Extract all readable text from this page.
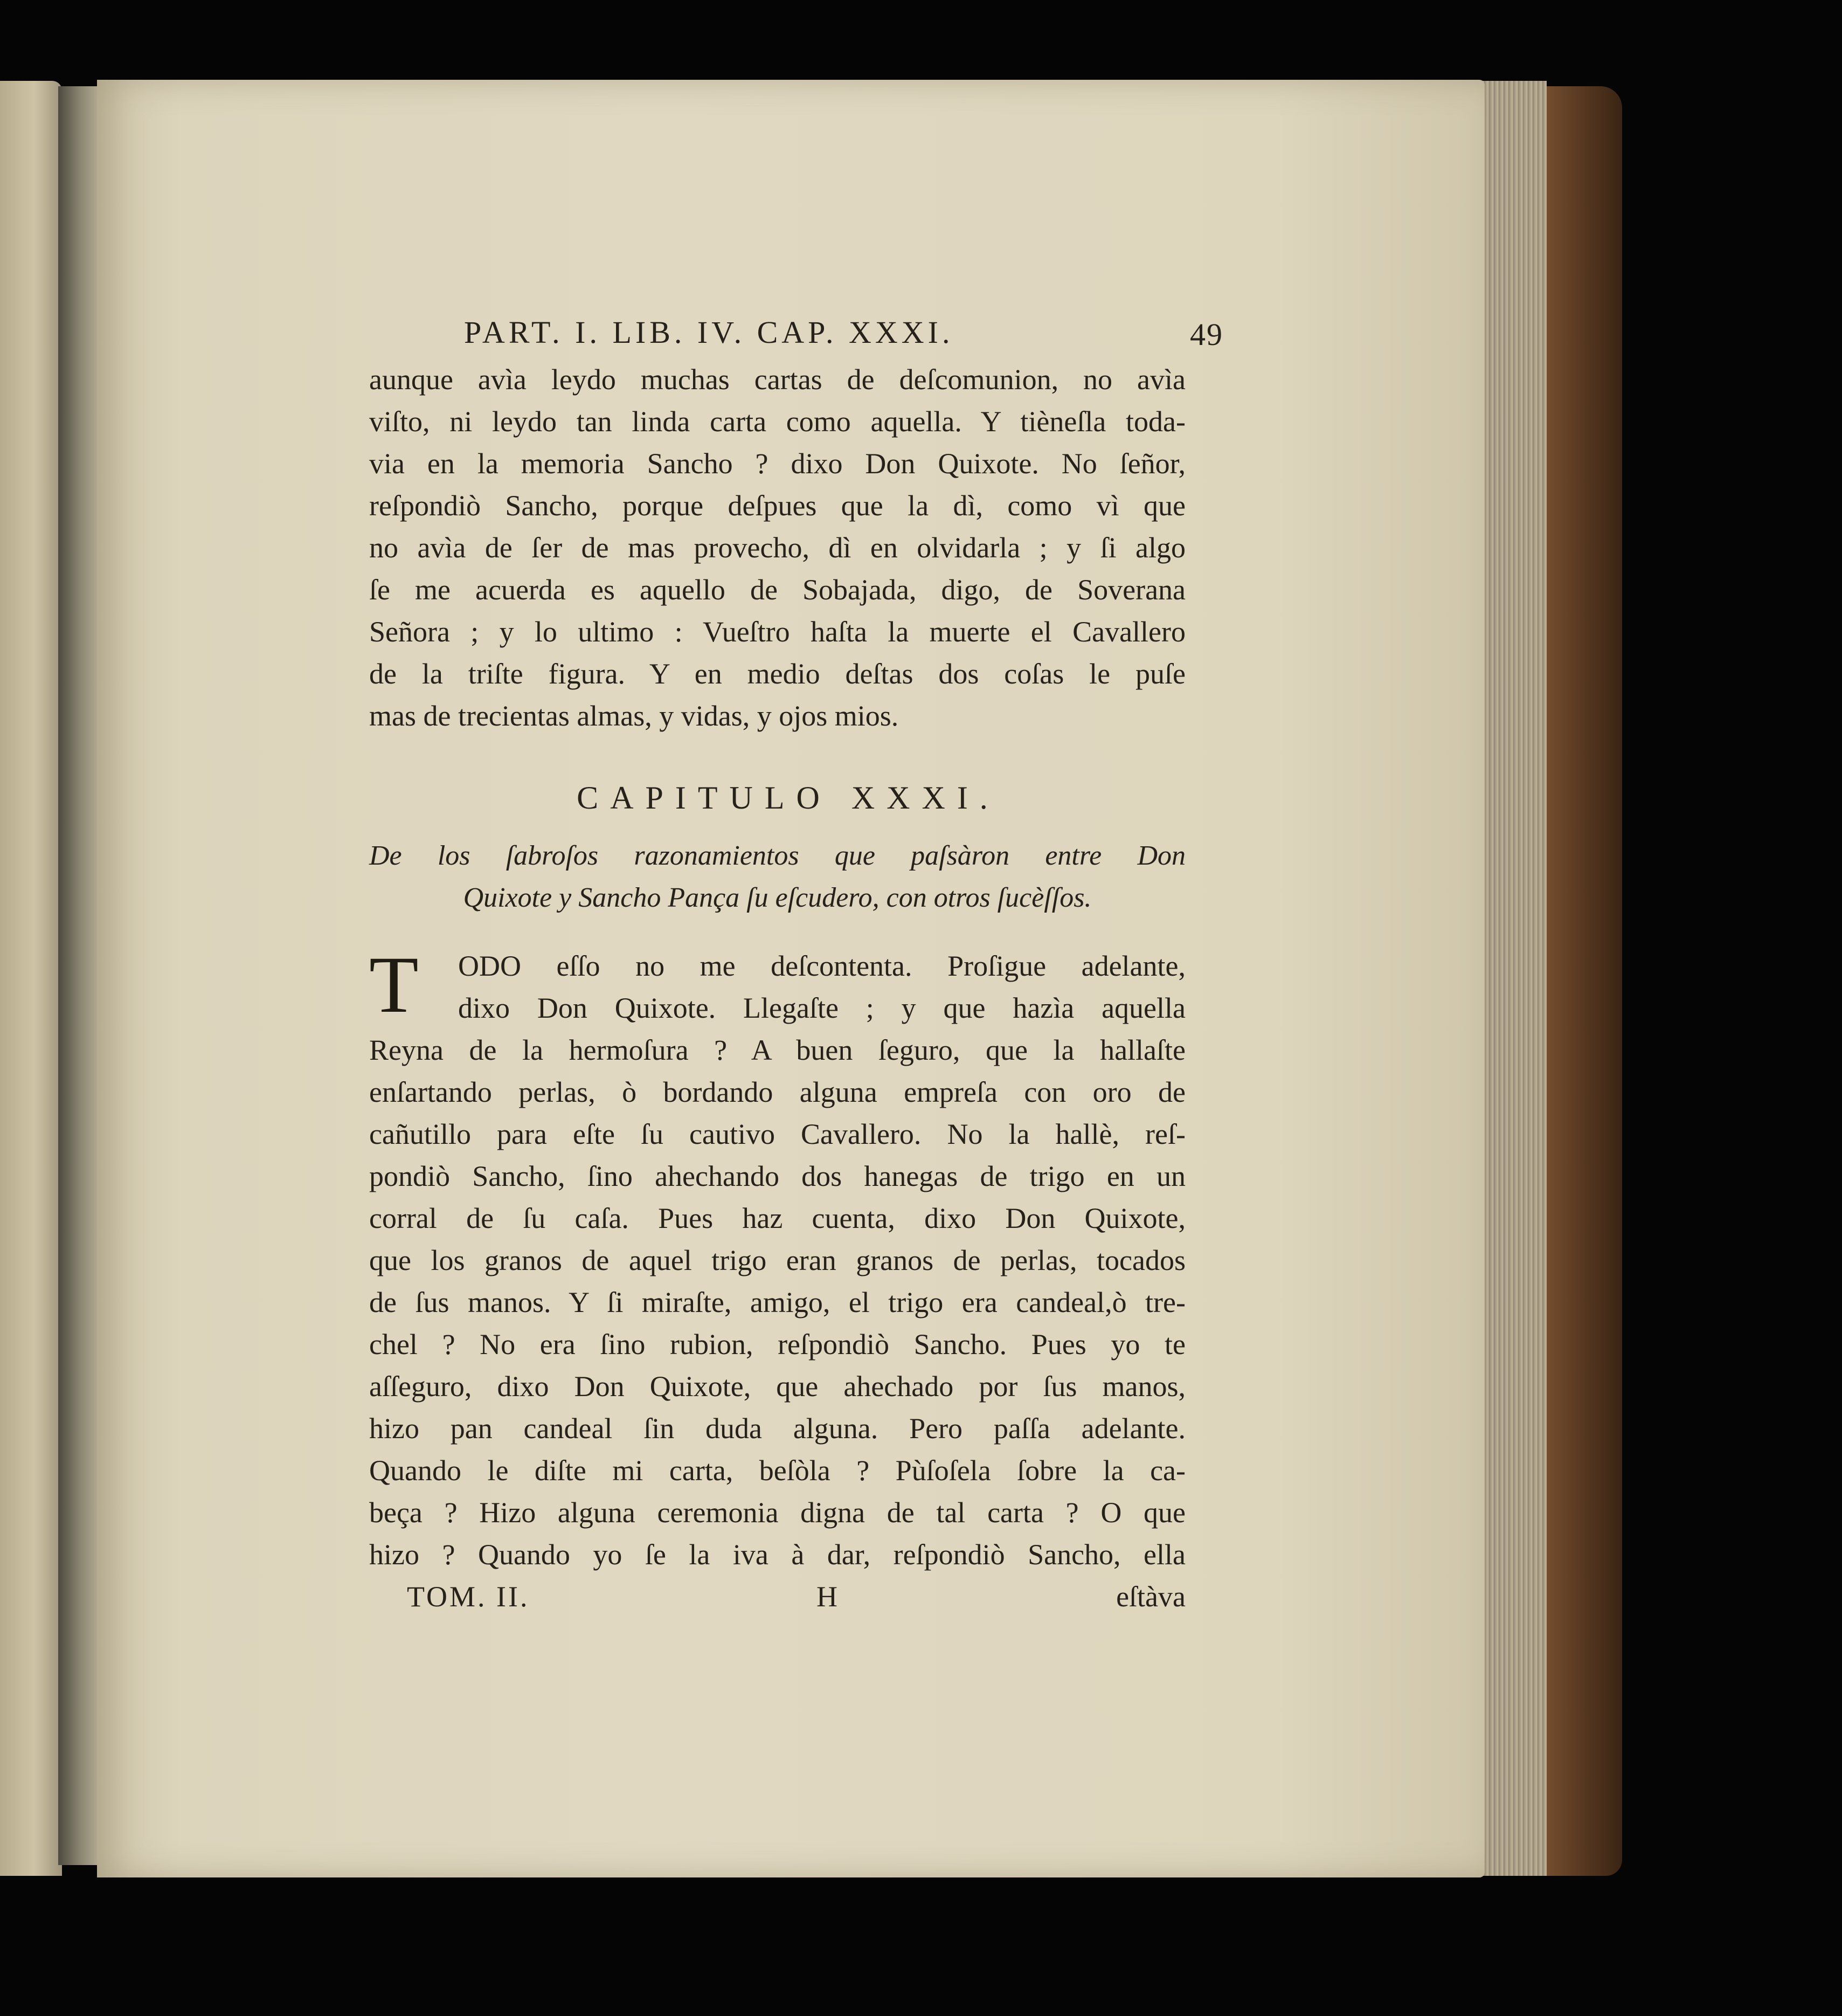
PART. I. LIB. IV. CAP. XXXI.	49
aunque avìa leydo muchas cartas de deſcomunion, no avìa
viſto, ni leydo tan linda carta como aquella. Y tièneſla toda-
via en la memoria Sancho ? dixo Don Quixote. No ſeñor,
reſpondiò Sancho, porque deſpues que la dì, como vì que
no avìa de ſer de mas provecho, dì en olvidarla ; y ſi algo
ſe me acuerda es aquello de Sobajada, digo, de Soverana
Señora ; y lo ultimo : Vueſtro haſta la muerte el Cavallero
de la triſte figura. Y en medio deſtas dos coſas le puſe
mas de trecientas almas, y vidas, y ojos mios.
CAPITULO XXXI.
De los ſabroſos razonamientos que paſsàron entre Don
Quixote y Sancho Pança ſu eſcudero, con otros ſucèſſos.
T	ODO eſſo no me deſcontenta. Proſigue adelante,
dixo Don Quixote. Llegaſte ; y que hazìa aquella
Reyna de la hermoſura ? A buen ſeguro, que la hallaſte
enſartando perlas, ò bordando alguna empreſa con oro de
cañutillo para eſte ſu cautivo Cavallero. No la hallè, reſ-
pondiò Sancho, ſino ahechando dos hanegas de trigo en un
corral de ſu caſa. Pues haz cuenta, dixo Don Quixote,
que los granos de aquel trigo eran granos de perlas, tocados
de ſus manos. Y ſi miraſte, amigo, el trigo era candeal,ò tre-
chel ? No era ſino rubion, reſpondiò Sancho. Pues yo te
aſſeguro, dixo Don Quixote, que ahechado por ſus manos,
hizo pan candeal ſin duda alguna. Pero paſſa adelante.
Quando le diſte mi carta, beſòla ? Pùſoſela ſobre la ca-
beça ? Hizo alguna ceremonia digna de tal carta ? O que
hizo ? Quando yo ſe la iva à dar, reſpondiò Sancho, ella
TOM. II.	H	eſtàva
